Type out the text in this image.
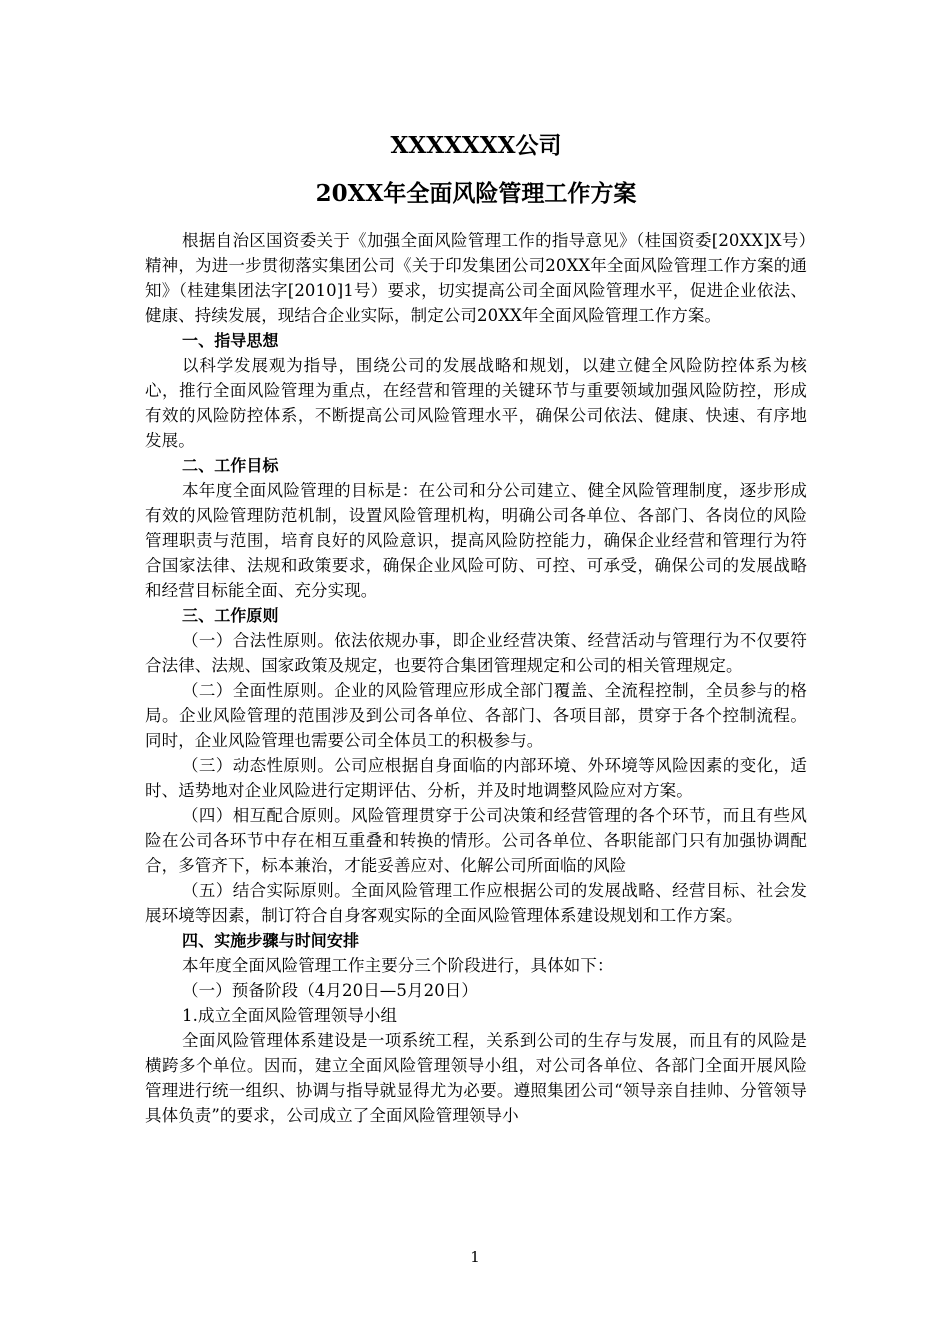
XXXXXXX公司

20XX年全面风险管理工作方案

根据自治区国资委关于《加强全面风险管理工作的指导意见》（桂国资委[20XX]X号）精神，为进一步贯彻落实集团公司《关于印发集团公司20XX年全面风险管理工作方案的通知》（桂建集团法字[2010]1号）要求，切实提高公司全面风险管理水平，促进企业依法、健康、持续发展，现结合企业实际，制定公司20XX年全面风险管理工作方案。

一、指导思想

以科学发展观为指导，围绕公司的发展战略和规划，以建立健全风险防控体系为核心，推行全面风险管理为重点，在经营和管理的关键环节与重要领域加强风险防控，形成有效的风险防控体系，不断提高公司风险管理水平，确保公司依法、健康、快速、有序地发展。

二、工作目标

本年度全面风险管理的目标是：在公司和分公司建立、健全风险管理制度，逐步形成有效的风险管理防范机制，设置风险管理机构，明确公司各单位、各部门、各岗位的风险管理职责与范围，培育良好的风险意识，提高风险防控能力，确保企业经营和管理行为符合国家法律、法规和政策要求，确保企业风险可防、可控、可承受，确保公司的发展战略和经营目标能全面、充分实现。

三、工作原则

（一）合法性原则。依法依规办事，即企业经营决策、经营活动与管理行为不仅要符合法律、法规、国家政策及规定，也要符合集团管理规定和公司的相关管理规定。

（二）全面性原则。企业的风险管理应形成全部门覆盖、全流程控制，全员参与的格局。企业风险管理的范围涉及到公司各单位、各部门、各项目部，贯穿于各个控制流程。同时，企业风险管理也需要公司全体员工的积极参与。

（三）动态性原则。公司应根据自身面临的内部环境、外环境等风险因素的变化，适时、适势地对企业风险进行定期评估、分析，并及时地调整风险应对方案。

（四）相互配合原则。风险管理贯穿于公司决策和经营管理的各个环节，而且有些风险在公司各环节中存在相互重叠和转换的情形。公司各单位、各职能部门只有加强协调配合，多管齐下，标本兼治，才能妥善应对、化解公司所面临的风险

（五）结合实际原则。全面风险管理工作应根据公司的发展战略、经营目标、社会发展环境等因素，制订符合自身客观实际的全面风险管理体系建设规划和工作方案。

四、实施步骤与时间安排

本年度全面风险管理工作主要分三个阶段进行，具体如下：

（一）预备阶段（4月20日—5月20日）

1.成立全面风险管理领导小组

全面风险管理体系建设是一项系统工程，关系到公司的生存与发展，而且有的风险是横跨多个单位。因而，建立全面风险管理领导小组，对公司各单位、各部门全面开展风险管理进行统一组织、协调与指导就显得尤为必要。遵照集团公司“领导亲自挂帅、分管领导具体负责”的要求，公司成立了全面风险管理领导小

1
